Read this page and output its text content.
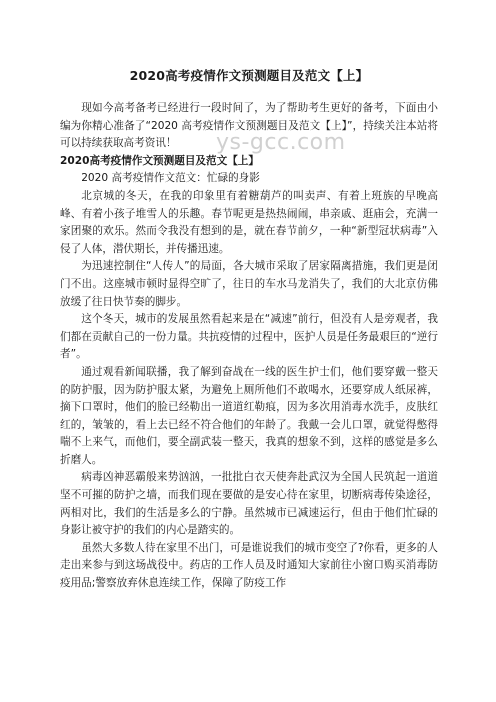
2020高考疫情作文预测题目及范文【上】

现如今高考备考已经进行一段时间了，为了帮助考生更好的备考，下面由小编为你精心准备了“2020 高考疫情作文预测题目及范文【上】”，持续关注本站将可以持续获取高考资讯！

2020高考疫情作文预测题目及范文【上】

2020 高考疫情作文范文：忙碌的身影

北京城的冬天，在我的印象里有着糖葫芦的叫卖声、有着上班族的早晚高峰、有着小孩子堆雪人的乐趣。春节呢更是热热闹闹，串亲戚、逛庙会，充满一家团聚的欢乐。然而令我没有想到的是，就在春节前夕，一种“新型冠状病毒”入侵了人体，潜伏期长，并传播迅速。

为迅速控制住“人传人”的局面，各大城市采取了居家隔离措施，我们更是闭门不出。这座城市顿时显得空旷了，往日的车水马龙消失了，我们的大北京仿佛放缓了往日快节奏的脚步。

这个冬天，城市的发展虽然看起来是在“减速”前行，但没有人是旁观者，我们都在贡献自己的一份力量。共抗疫情的过程中，医护人员是任务最艰巨的“逆行者”。

通过观看新闻联播，我了解到奋战在一线的医生护士们，他们要穿戴一整天的防护服，因为防护服太紧，为避免上厕所他们不敢喝水，还要穿成人纸尿裤，摘下口罩时，他们的脸已经勒出一道道红勒痕，因为多次用消毒水洗手，皮肤红红的，皱皱的，看上去已经不符合他们的年龄了。我戴一会儿口罩，就觉得憋得喘不上来气，而他们，要全副武装一整天，我真的想象不到，这样的感觉是多么折磨人。

病毒凶神恶霸般来势汹汹，一批批白衣天使奔赴武汉为全国人民筑起一道道坚不可摧的防护之墙，而我们现在要做的是安心待在家里，切断病毒传染途径，两相对比，我们的生活是多么的宁静。虽然城市已减速运行，但由于他们忙碌的身影让被守护的我们的内心是踏实的。

虽然大多数人待在家里不出门，可是谁说我们的城市变空了?你看，更多的人走出来参与到这场战役中。药店的工作人员及时通知大家前往小窗口购买消毒防疫用品;警察放弃休息连续工作，保障了防疫工作

ys-gcc.com
